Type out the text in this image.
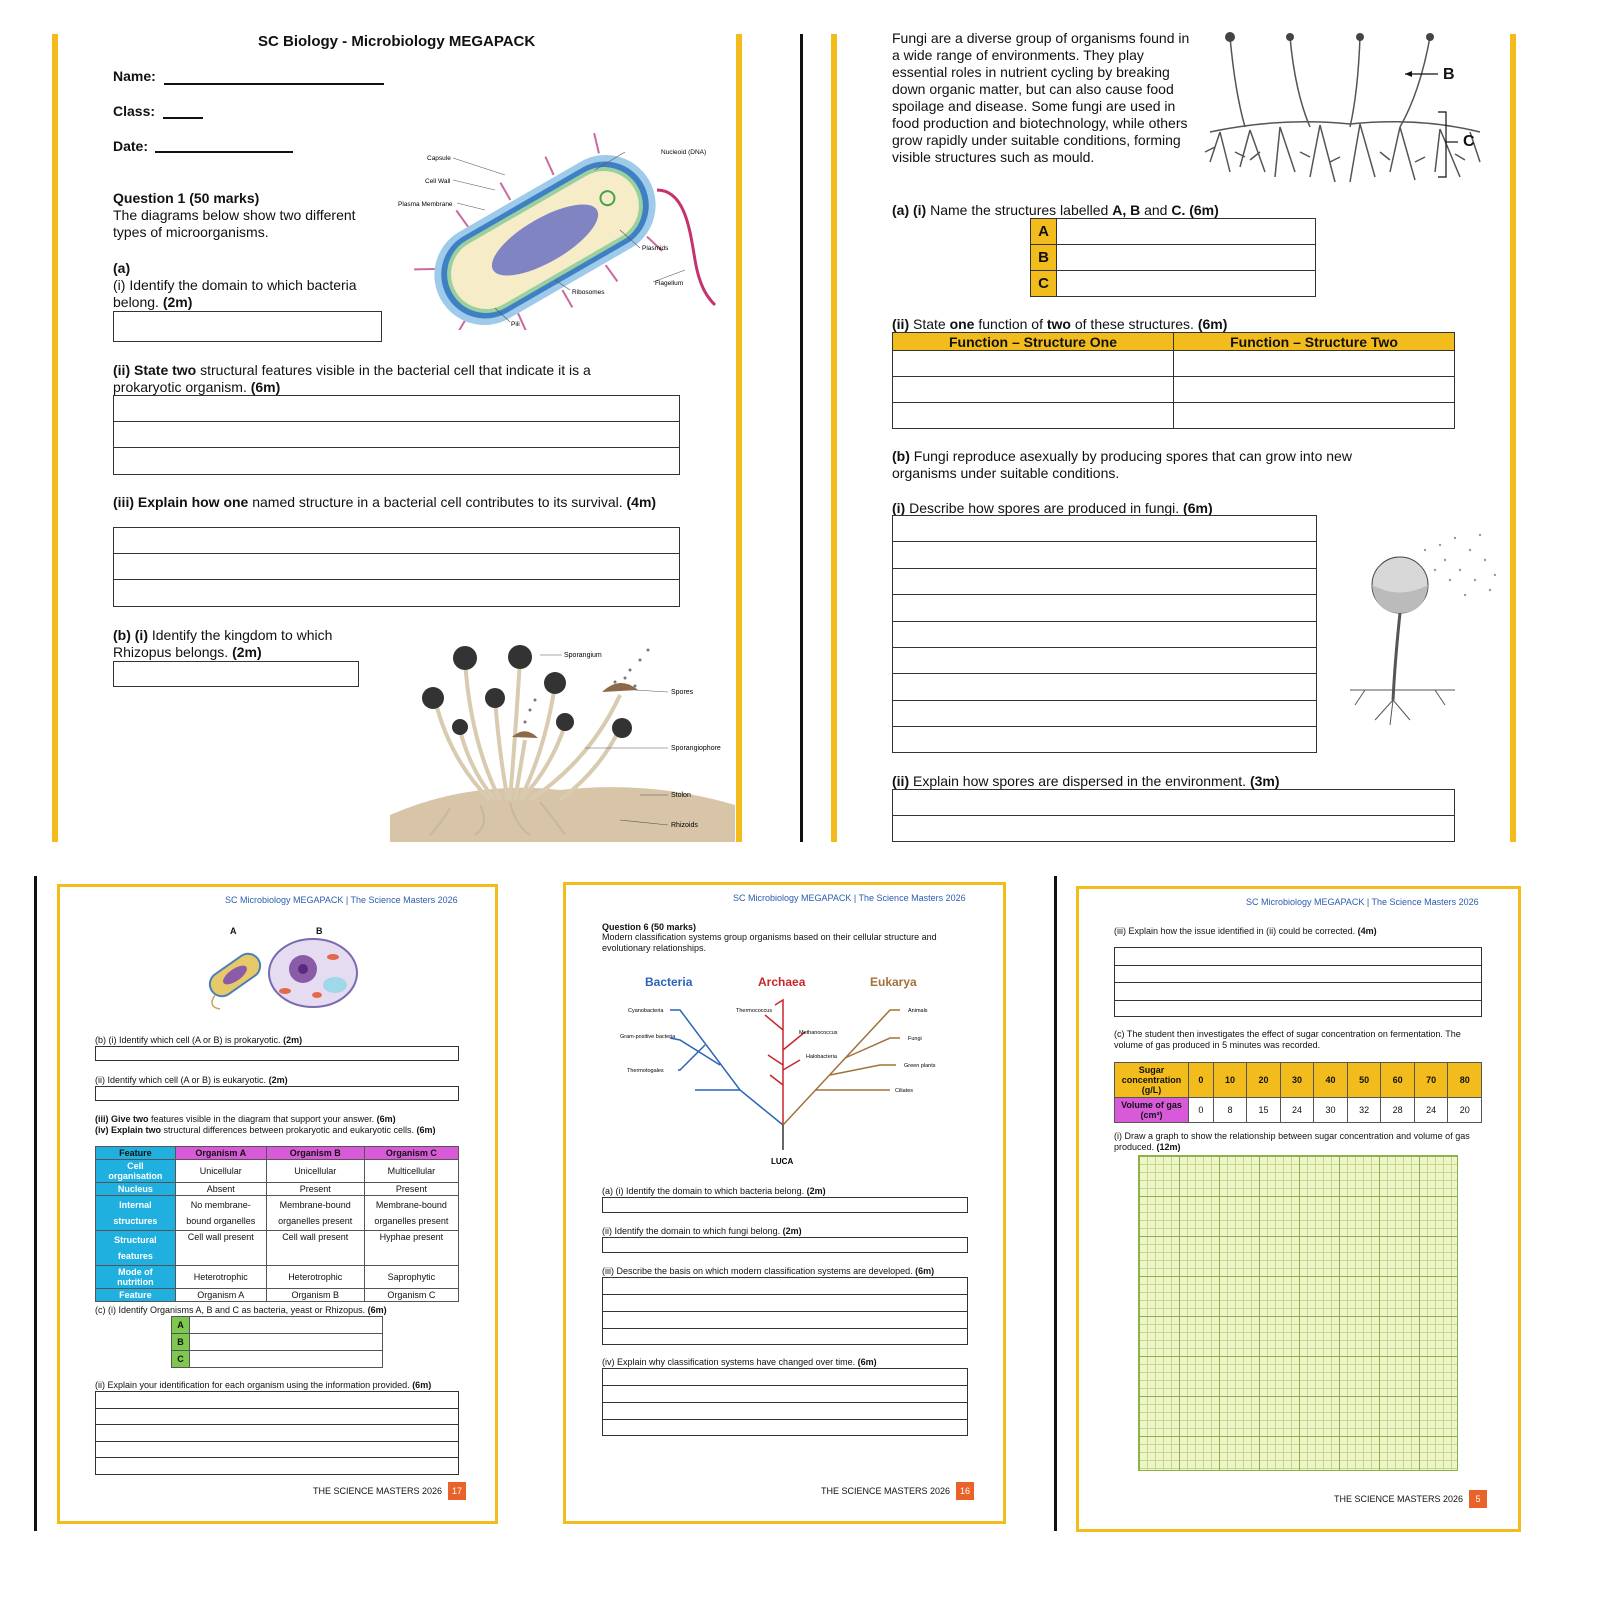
SC Biology - Microbiology MEGAPACK
Name:
Class:
Date:
Question 1 (50 marks)
The diagrams below show two different types of microorganisms.
(a)
(i) Identify the domain to which bacteria belong. (2m)
(ii) State two structural features visible in the bacterial cell that indicate it is a prokaryotic organism. (6m)
(iii) Explain how one named structure in a bacterial cell contributes to its survival. (4m)
(b) (i) Identify the kingdom to which Rhizopus belongs. (2m)
Capsule
Cell Wall
Plasma Membrane
Nucleoid (DNA)
Plasmids
Flagellum
Ribosomes
Pili
Sporangium
Spores
Sporangiophore
Stolon
Rhizoids
Fungi are a diverse group of organisms found in a wide range of environments. They play essential roles in nutrient cycling by breaking down organic matter, but can also cause food spoilage and disease. Some fungi are used in food production and biotechnology, while others grow rapidly under suitable conditions, forming visible structures such as mould.
B
C
(a) (i) Name the structures labelled A, B and C. (6m)
A	
B	
C	
(ii) State one function of two of these structures. (6m)
Function – Structure One	Function – Structure Two

(b) Fungi reproduce asexually by producing spores that can grow into new organisms under suitable conditions.
(i) Describe how spores are produced in fungi. (6m)
(ii) Explain how spores are dispersed in the environment. (3m)
SC Microbiology MEGAPACK | The Science Masters 2026
A	B
(b) (i) Identify which cell (A or B) is prokaryotic. (2m)
(ii) Identify which cell (A or B) is eukaryotic. (2m)
(iii) Give two features visible in the diagram that support your answer. (6m)
(iv) Explain two structural differences between prokaryotic and eukaryotic cells. (6m)
Feature	Organism A	Organism B	Organism C
Cell organisation	Unicellular	Unicellular	Multicellular
Nucleus	Absent	Present	Present
Internal structures	No membrane-bound organelles	Membrane-bound organelles present	Membrane-bound organelles present
Structural features	Cell wall present	Cell wall present	Hyphae present
Mode of nutrition	Heterotrophic	Heterotrophic	Saprophytic
Feature	Organism A	Organism B	Organism C
(c) (i) Identify Organisms A, B and C as bacteria, yeast or Rhizopus. (6m)
A	
B	
C	
(ii) Explain your identification for each organism using the information provided. (6m)
THE SCIENCE MASTERS 2026 17
SC Microbiology MEGAPACK | The Science Masters 2026
Question 6 (50 marks)
Modern classification systems group organisms based on their cellular structure and evolutionary relationships.
Bacteria	Archaea	Eukarya
Cyanobacteria
Gram-positive bacteria
Thermotogales
Thermococcus
Methanococcus
Halobacteria
Animals
Fungi
Green plants
Ciliates
LUCA
(a) (i) Identify the domain to which bacteria belong. (2m)
(ii) Identify the domain to which fungi belong. (2m)
(iii) Describe the basis on which modern classification systems are developed. (6m)
(iv) Explain why classification systems have changed over time. (6m)
THE SCIENCE MASTERS 2026 16
SC Microbiology MEGAPACK | The Science Masters 2026
(iii) Explain how the issue identified in (ii) could be corrected. (4m)
(c) The student then investigates the effect of sugar concentration on fermentation. The volume of gas produced in 5 minutes was recorded.
Sugar concentration (g/L)	0	10	20	30	40	50	60	70	80
Volume of gas (cm³)	0	8	15	24	30	32	28	24	20
(i) Draw a graph to show the relationship between sugar concentration and volume of gas produced. (12m)
THE SCIENCE MASTERS 2026 5
